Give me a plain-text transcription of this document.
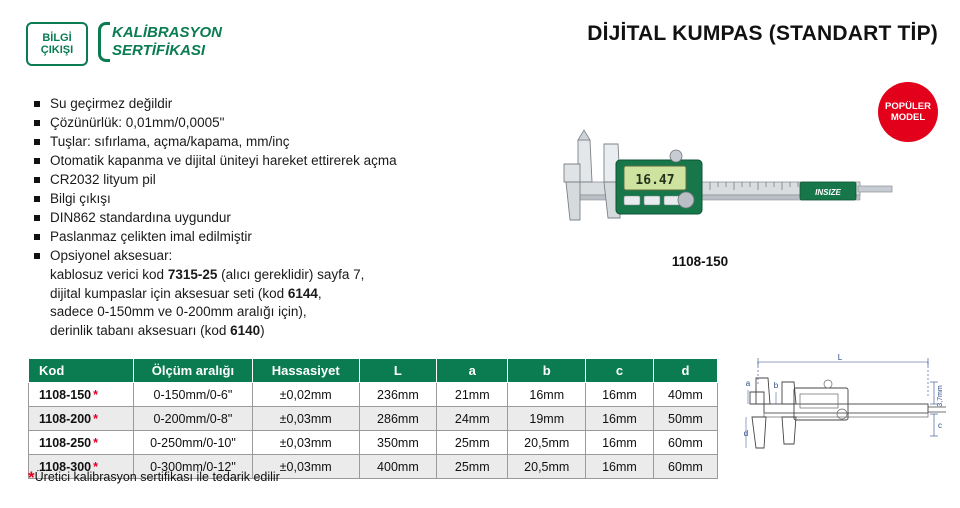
BİLGİ
ÇIKIŞI
KALİBRASYON
SERTİFİKASI
DİJİTAL KUMPAS (STANDART TİP)
Su geçirmez değildir
Çözünürlük: 0,01mm/0,0005"
Tuşlar: sıfırlama, açma/kapama, mm/inç
Otomatik kapanma ve dijital üniteyi hareket ettirerek açma
CR2032 lityum pil
Bilgi çıkışı
DIN862 standardına uygundur
Paslanmaz çelikten imal edilmiştir
Opsiyonel aksesuar:
kablosuz verici kod 7315-25 (alıcı gereklidir) sayfa 7,
dijital kumpaslar için aksesuar seti (kod 6144,
sadece 0-150mm ve 0-200mm aralığı için),
derinlik tabanı aksesuarı (kod 6140)
POPÜLER
MODEL
16.47
INSIZE
1108-150
Kod	Ölçüm aralığı	Hassasiyet	L	a	b	c	d
1108-150 *	0-150mm/0-6"	±0,02mm	236mm	21mm	16mm	16mm	40mm
1108-200 *	0-200mm/0-8"	±0,03mm	286mm	24mm	19mm	16mm	50mm
1108-250 *	0-250mm/0-10"	±0,03mm	350mm	25mm	20,5mm	16mm	60mm
1108-300 *	0-300mm/0-12"	±0,03mm	400mm	25mm	20,5mm	16mm	60mm
*Üretici kalibrasyon sertifikası ile tedarik edilir
L
3,7mm
c
a	b
d
